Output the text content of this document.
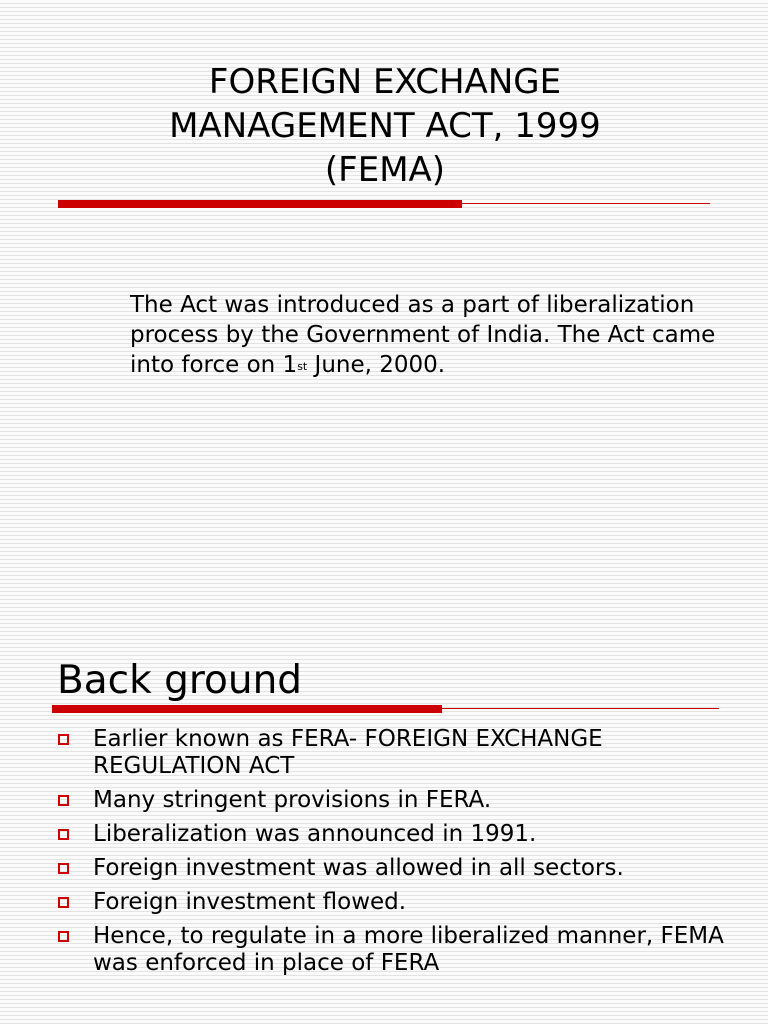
FOREIGN EXCHANGE
MANAGEMENT ACT, 1999
(FEMA)

The Act was introduced as a part of liberalization process by the Government of India. The Act came into force on 1st June, 2000.

Back ground
Earlier known as FERA- FOREIGN EXCHANGE REGULATION ACT
Many stringent provisions in FERA.
Liberalization was announced in 1991.
Foreign investment was allowed in all sectors.
Foreign investment flowed.
Hence, to regulate in a more liberalized manner, FEMA was enforced in place of FERA
